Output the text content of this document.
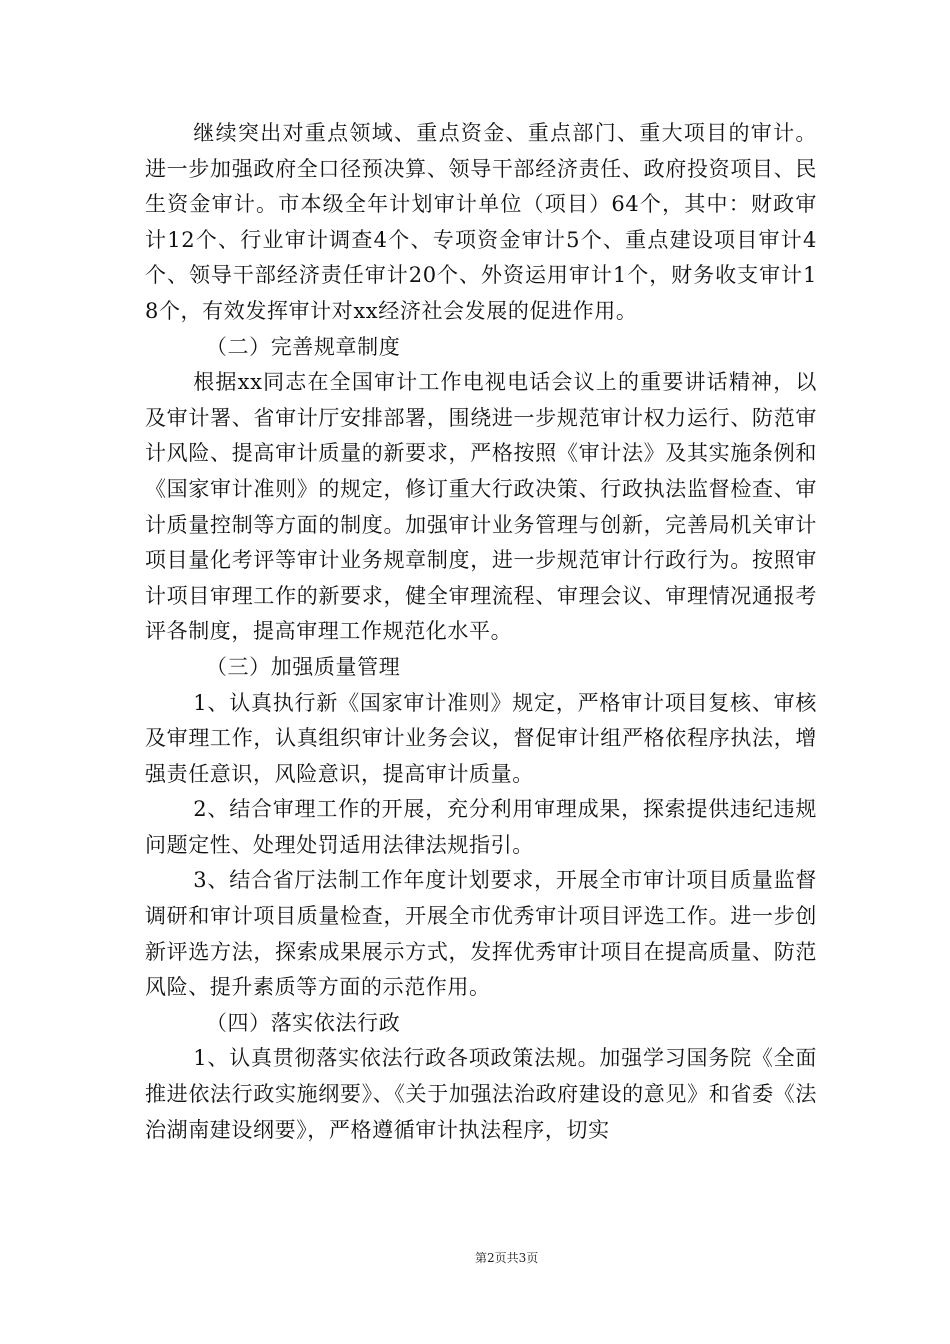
继续突出对重点领域、重点资金、重点部门、重大项目的审计。进一步加强政府全口径预决算、领导干部经济责任、政府投资项目、民生资金审计。市本级全年计划审计单位（项目）64个，其中：财政审计12个、行业审计调查4个、专项资金审计5个、重点建设项目审计4个、领导干部经济责任审计20个、外资运用审计1个，财务收支审计18个，有效发挥审计对xx经济社会发展的促进作用。

（二）完善规章制度

根据xx同志在全国审计工作电视电话会议上的重要讲话精神，以及审计署、省审计厅安排部署，围绕进一步规范审计权力运行、防范审计风险、提高审计质量的新要求，严格按照《审计法》及其实施条例和《国家审计准则》的规定，修订重大行政决策、行政执法监督检查、审计质量控制等方面的制度。加强审计业务管理与创新，完善局机关审计项目量化考评等审计业务规章制度，进一步规范审计行政行为。按照审计项目审理工作的新要求，健全审理流程、审理会议、审理情况通报考评各制度，提高审理工作规范化水平。

（三）加强质量管理

1、认真执行新《国家审计准则》规定，严格审计项目复核、审核及审理工作，认真组织审计业务会议，督促审计组严格依程序执法，增强责任意识，风险意识，提高审计质量。

2、结合审理工作的开展，充分利用审理成果，探索提供违纪违规问题定性、处理处罚适用法律法规指引。

3、结合省厅法制工作年度计划要求，开展全市审计项目质量监督调研和审计项目质量检查，开展全市优秀审计项目评选工作。进一步创新评选方法，探索成果展示方式，发挥优秀审计项目在提高质量、防范风险、提升素质等方面的示范作用。

（四）落实依法行政

1、认真贯彻落实依法行政各项政策法规。加强学习国务院《全面推进依法行政实施纲要》、《关于加强法治政府建设的意见》和省委《法治湖南建设纲要》，严格遵循审计执法程序，切实

第2页共3页
